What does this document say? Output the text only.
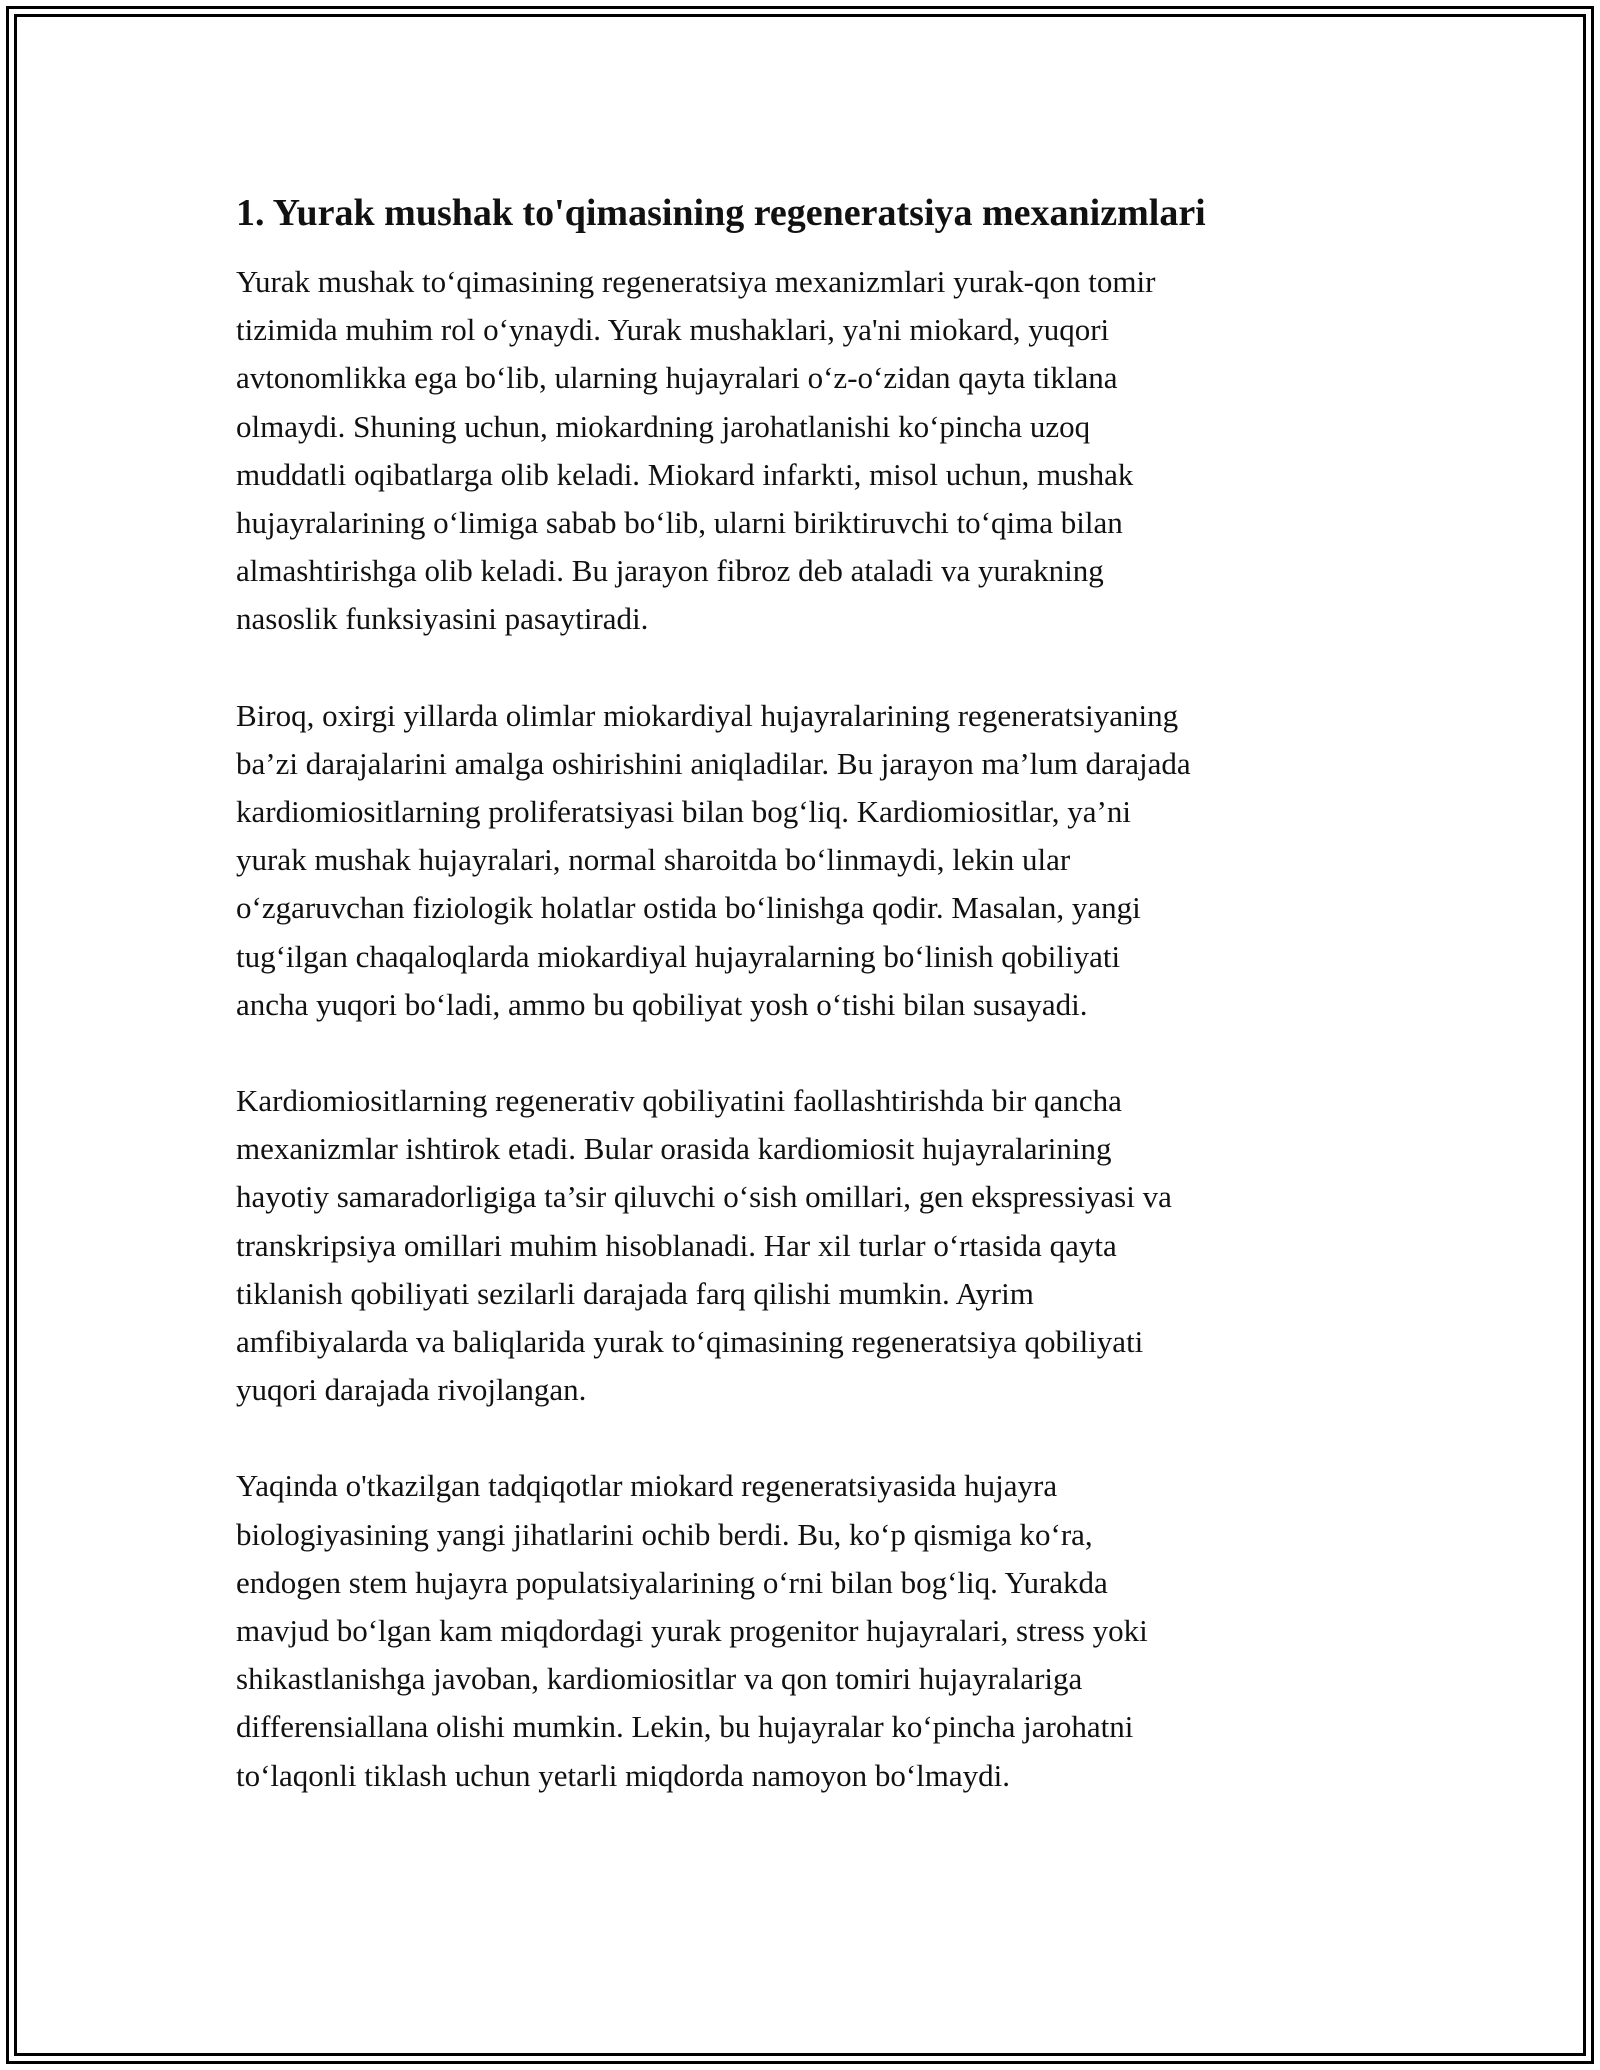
1. Yurak mushak to'qimasining regeneratsiya mexanizmlari
Yurak mushak to‘qimasining regeneratsiya mexanizmlari yurak-qon tomir
tizimida muhim rol o‘ynaydi. Yurak mushaklari, ya'ni miokard, yuqori
avtonomlikka ega bo‘lib, ularning hujayralari o‘z-o‘zidan qayta tiklana
olmaydi. Shuning uchun, miokardning jarohatlanishi ko‘pincha uzoq
muddatli oqibatlarga olib keladi. Miokard infarkti, misol uchun, mushak
hujayralarining o‘limiga sabab bo‘lib, ularni biriktiruvchi to‘qima bilan
almashtirishga olib keladi. Bu jarayon fibroz deb ataladi va yurakning
nasoslik funksiyasini pasaytiradi.
Biroq, oxirgi yillarda olimlar miokardiyal hujayralarining regeneratsiyaning
ba’zi darajalarini amalga oshirishini aniqladilar. Bu jarayon ma’lum darajada
kardiomiositlarning proliferatsiyasi bilan bog‘liq. Kardiomiositlar, ya’ni
yurak mushak hujayralari, normal sharoitda bo‘linmaydi, lekin ular
o‘zgaruvchan fiziologik holatlar ostida bo‘linishga qodir. Masalan, yangi
tug‘ilgan chaqaloqlarda miokardiyal hujayralarning bo‘linish qobiliyati
ancha yuqori bo‘ladi, ammo bu qobiliyat yosh o‘tishi bilan susayadi.
Kardiomiositlarning regenerativ qobiliyatini faollashtirishda bir qancha
mexanizmlar ishtirok etadi. Bular orasida kardiomiosit hujayralarining
hayotiy samaradorligiga ta’sir qiluvchi o‘sish omillari, gen ekspressiyasi va
transkripsiya omillari muhim hisoblanadi. Har xil turlar o‘rtasida qayta
tiklanish qobiliyati sezilarli darajada farq qilishi mumkin. Ayrim
amfibiyalarda va baliqlarida yurak to‘qimasining regeneratsiya qobiliyati
yuqori darajada rivojlangan.
Yaqinda o'tkazilgan tadqiqotlar miokard regeneratsiyasida hujayra
biologiyasining yangi jihatlarini ochib berdi. Bu, ko‘p qismiga ko‘ra,
endogen stem hujayra populatsiyalarining o‘rni bilan bog‘liq. Yurakda
mavjud bo‘lgan kam miqdordagi yurak progenitor hujayralari, stress yoki
shikastlanishga javoban, kardiomiositlar va qon tomiri hujayralariga
differensiallana olishi mumkin. Lekin, bu hujayralar ko‘pincha jarohatni
to‘laqonli tiklash uchun yetarli miqdorda namoyon bo‘lmaydi.
